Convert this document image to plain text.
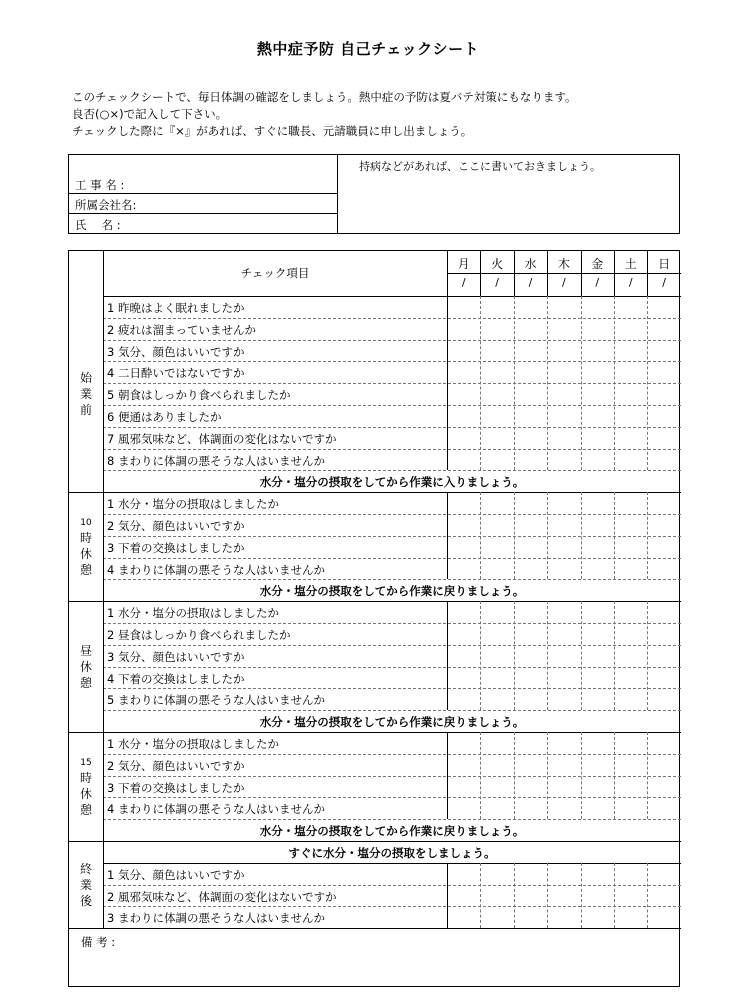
熱中症予防 自己チェックシート
このチェックシートで、毎日体調の確認をしましょう。熱中症の予防は夏バテ対策にもなります。
良否(○×)で記入して下さい。
チェックした際に『×』があれば、すぐに職長、元請職員に申し出ましょう。
工 事 名 :
所属会社名:
氏　 名 :
持病などがあれば、ここに書いておきましょう。
チェック項目
月
/
火
/
水
/
木
/
金
/
土
/
日
/
1 昨晩はよく眠れましたか
2 疲れは溜まっていませんか
3 気分、顔色はいいですか
4 二日酔いではないですか
5 朝食はしっかり食べられましたか
6 便通はありましたか
7 風邪気味など、体調面の変化はないですか
8 まわりに体調の悪そうな人はいませんか
水分・塩分の摂取をしてから作業に入りましょう。
始業前
1 水分・塩分の摂取はしましたか
2 気分、顔色はいいですか
3 下着の交換はしましたか
4 まわりに体調の悪そうな人はいませんか
水分・塩分の摂取をしてから作業に戻りましょう。
10
時休憩
1 水分・塩分の摂取はしましたか
2 昼食はしっかり食べられましたか
3 気分、顔色はいいですか
4 下着の交換はしましたか
5 まわりに体調の悪そうな人はいませんか
水分・塩分の摂取をしてから作業に戻りましょう。
昼休憩
1 水分・塩分の摂取はしましたか
2 気分、顔色はいいですか
3 下着の交換はしましたか
4 まわりに体調の悪そうな人はいませんか
水分・塩分の摂取をしてから作業に戻りましょう。
15
時休憩
すぐに水分・塩分の摂取をしましょう。
1 気分、顔色はいいですか
2 風邪気味など、体調面の変化はないですか
3 まわりに体調の悪そうな人はいませんか
終業後
備 考 :
